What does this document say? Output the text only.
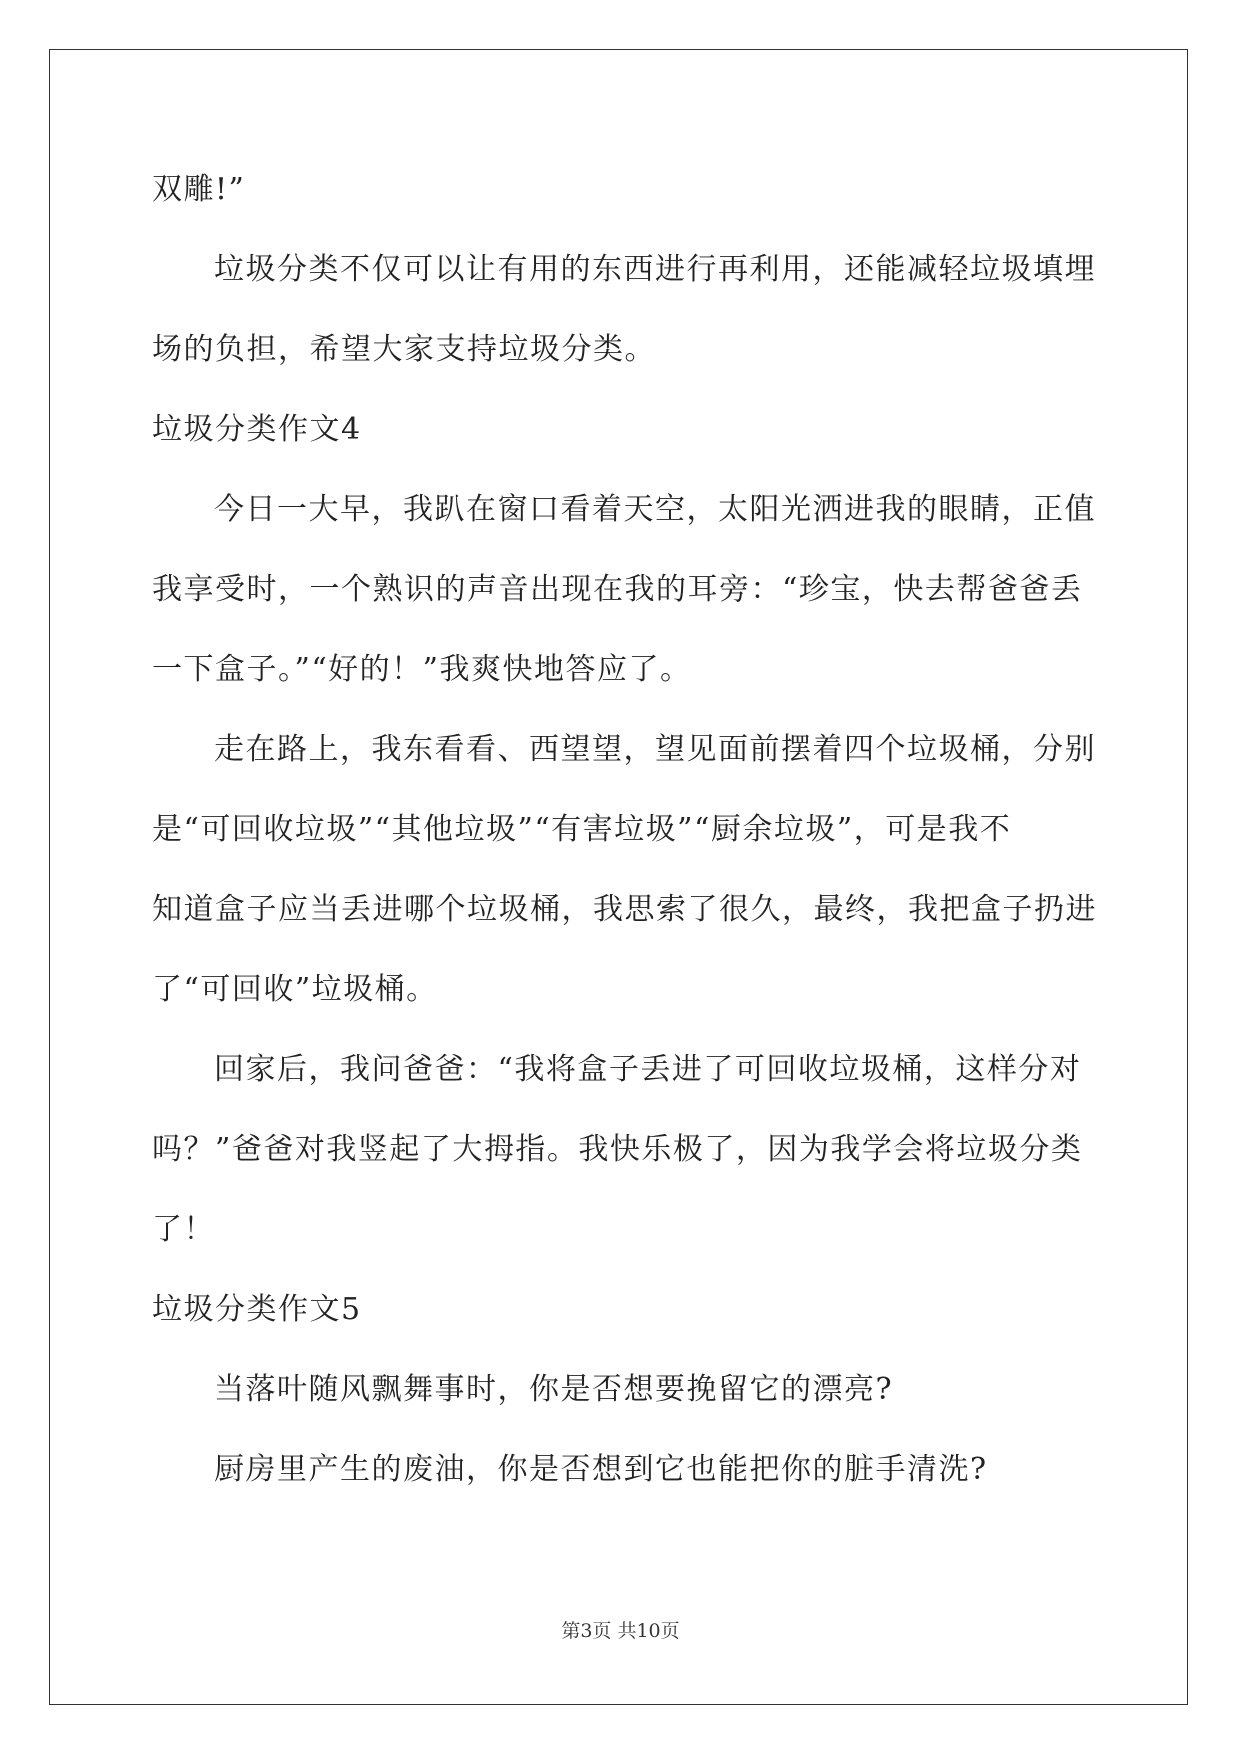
双雕!”
垃圾分类不仅可以让有用的东西进行再利用，还能减轻垃圾填埋
场的负担，希望大家支持垃圾分类。
垃圾分类作文4
今日一大早，我趴在窗口看着天空，太阳光洒进我的眼睛，正值
我享受时，一个熟识的声音出现在我的耳旁：“珍宝，快去帮爸爸丢
一下盒子。”“好的！”我爽快地答应了。
走在路上，我东看看、西望望，望见面前摆着四个垃圾桶，分别
是“可回收垃圾”“其他垃圾”“有害垃圾”“厨余垃圾”，可是我不
知道盒子应当丢进哪个垃圾桶，我思索了很久，最终，我把盒子扔进
了“可回收”垃圾桶。
回家后，我问爸爸：“我将盒子丢进了可回收垃圾桶，这样分对
吗？”爸爸对我竖起了大拇指。我快乐极了，因为我学会将垃圾分类
了！
垃圾分类作文5
当落叶随风飘舞事时，你是否想要挽留它的漂亮?
厨房里产生的废油，你是否想到它也能把你的脏手清洗?
第3页 共10页
